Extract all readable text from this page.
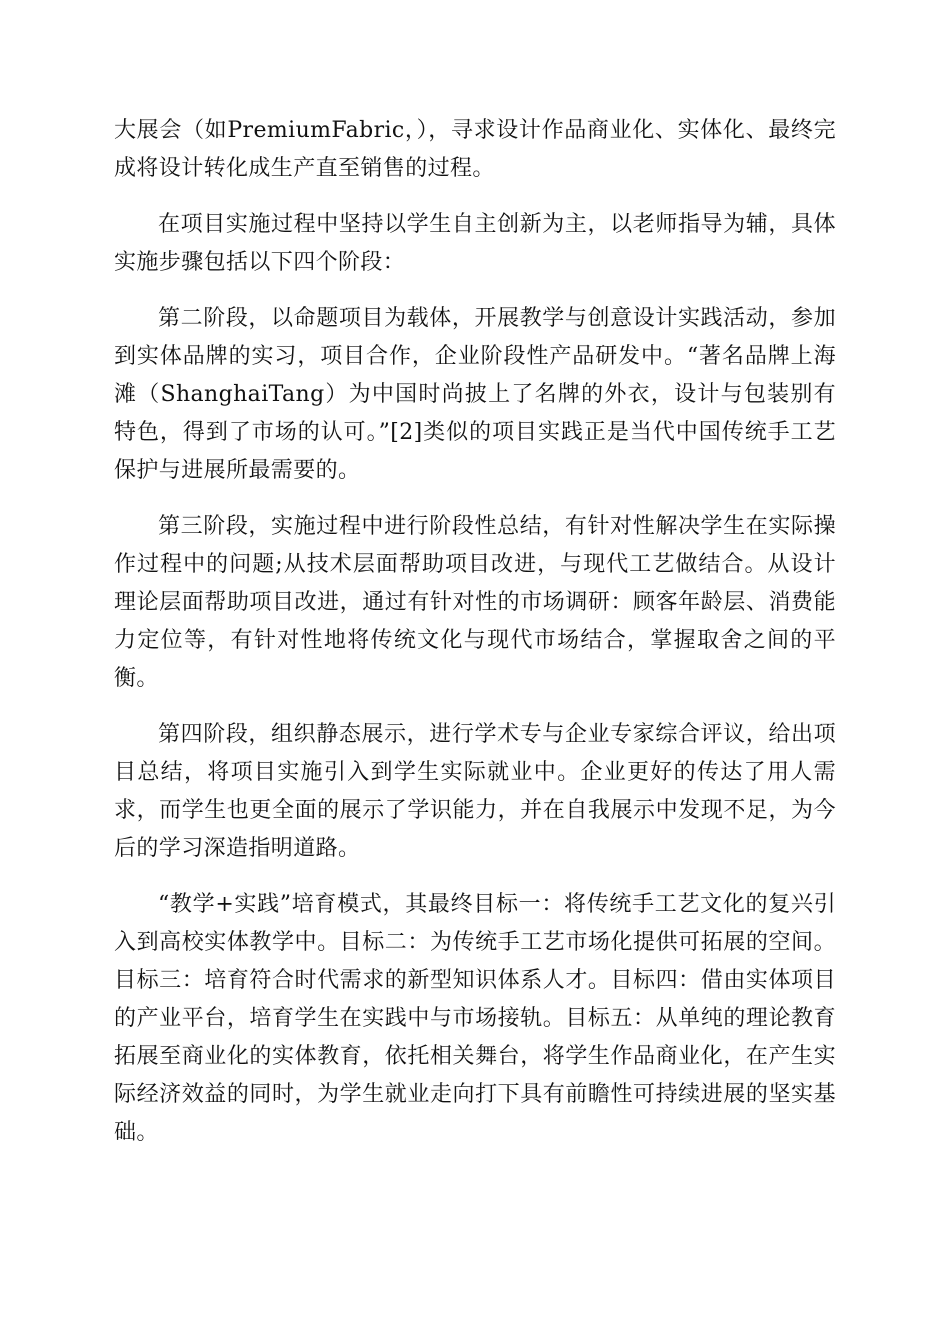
大展会（如PremiumFabric，），寻求设计作品商业化、实体化、最终完成将设计转化成生产直至销售的过程。

在项目实施过程中坚持以学生自主创新为主，以老师指导为辅，具体实施步骤包括以下四个阶段：

第二阶段，以命题项目为载体，开展教学与创意设计实践活动，参加到实体品牌的实习，项目合作，企业阶段性产品研发中。“著名品牌上海滩（ShanghaiTang）为中国时尚披上了名牌的外衣，设计与包装别有特色，得到了市场的认可。”[2]类似的项目实践正是当代中国传统手工艺保护与进展所最需要的。

第三阶段，实施过程中进行阶段性总结，有针对性解决学生在实际操作过程中的问题;从技术层面帮助项目改进，与现代工艺做结合。从设计理论层面帮助项目改进，通过有针对性的市场调研：顾客年龄层、消费能力定位等，有针对性地将传统文化与现代市场结合，掌握取舍之间的平衡。

第四阶段，组织静态展示，进行学术专与企业专家综合评议，给出项目总结，将项目实施引入到学生实际就业中。企业更好的传达了用人需求，而学生也更全面的展示了学识能力，并在自我展示中发现不足，为今后的学习深造指明道路。

“教学+实践”培育模式，其最终目标一：将传统手工艺文化的复兴引入到高校实体教学中。目标二：为传统手工艺市场化提供可拓展的空间。目标三：培育符合时代需求的新型知识体系人才。目标四：借由实体项目的产业平台，培育学生在实践中与市场接轨。目标五：从单纯的理论教育拓展至商业化的实体教育，依托相关舞台，将学生作品商业化，在产生实际经济效益的同时，为学生就业走向打下具有前瞻性可持续进展的坚实基础。
